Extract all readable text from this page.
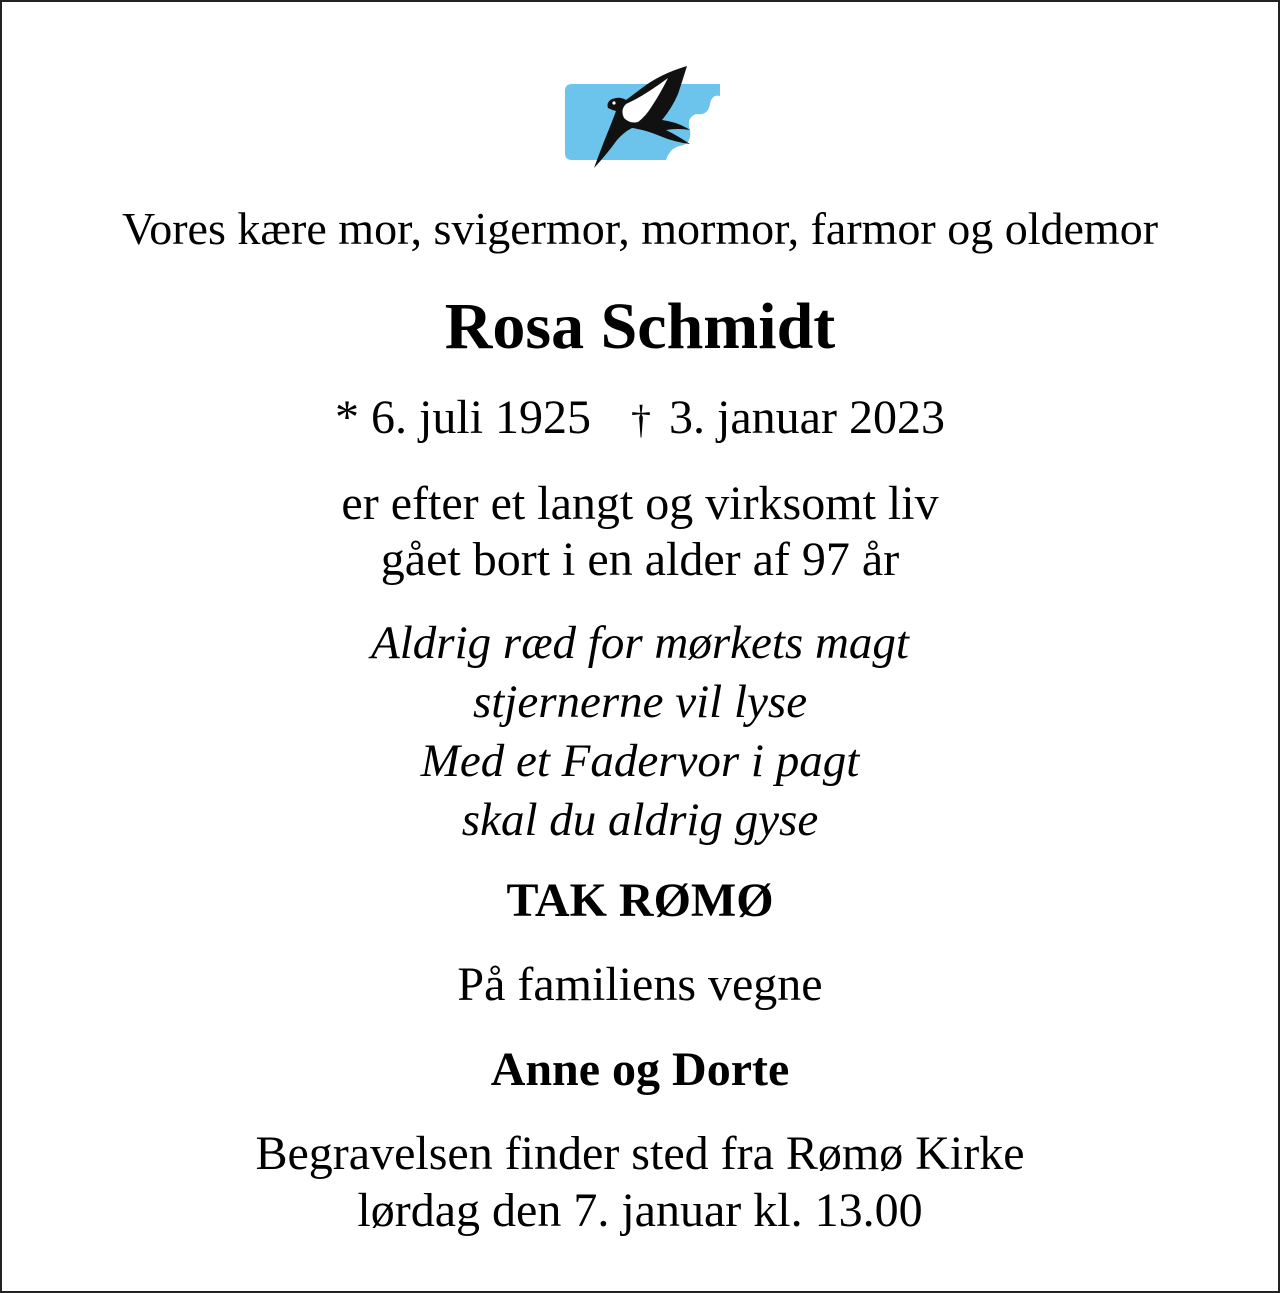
Vores kære mor, svigermor, mormor, farmor og oldemor
Rosa Schmidt
* 6. juli 1925 † 3. januar 2023
er efter et langt og virksomt liv
gået bort i en alder af 97 år
Aldrig ræd for mørkets magt
stjernerne vil lyse
Med et Fadervor i pagt
skal du aldrig gyse
TAK RØMØ
På familiens vegne
Anne og Dorte
Begravelsen finder sted fra Rømø Kirke
lørdag den 7. januar kl. 13.00
